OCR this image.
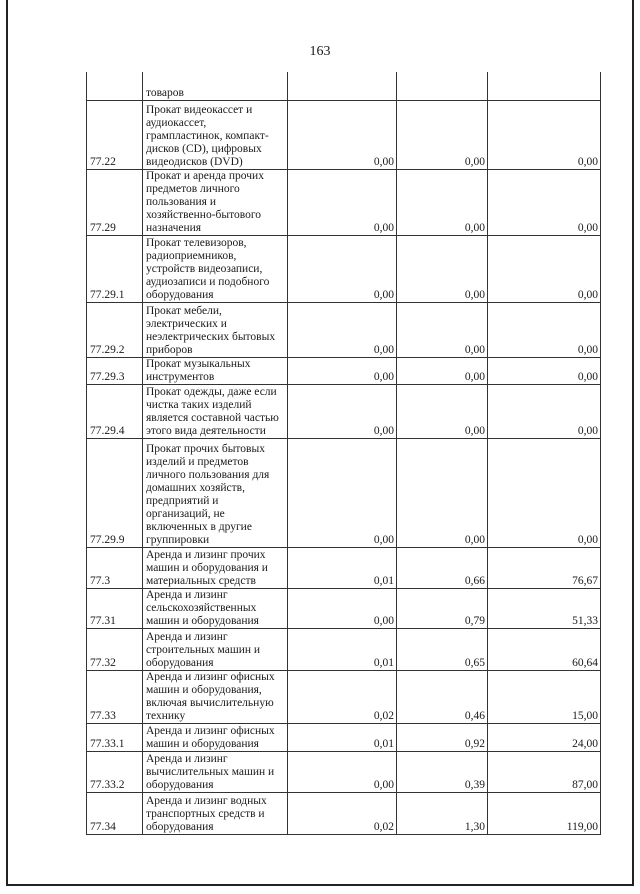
163
	товаров			
77.22	Прокат видеокассет и аудиокассет, грампластинок, компакт-дисков (CD), цифровых видеодисков (DVD)	0,00	0,00	0,00
77.29	Прокат и аренда прочих предметов личного пользования и хозяйственно-бытового назначения	0,00	0,00	0,00
77.29.1	Прокат телевизоров, радиоприемников, устройств видеозаписи, аудиозаписи и подобного оборудования	0,00	0,00	0,00
77.29.2	Прокат мебели, электрических и неэлектрических бытовых приборов	0,00	0,00	0,00
77.29.3	Прокат музыкальных инструментов	0,00	0,00	0,00
77.29.4	Прокат одежды, даже если чистка таких изделий является составной частью этого вида деятельности	0,00	0,00	0,00
77.29.9	Прокат прочих бытовых изделий и предметов личного пользования для домашних хозяйств, предприятий и организаций, не включенных в другие группировки	0,00	0,00	0,00
77.3	Аренда и лизинг прочих машин и оборудования и материальных средств	0,01	0,66	76,67
77.31	Аренда и лизинг сельскохозяйственных машин и оборудования	0,00	0,79	51,33
77.32	Аренда и лизинг строительных машин и оборудования	0,01	0,65	60,64
77.33	Аренда и лизинг офисных машин и оборудования, включая вычислительную технику	0,02	0,46	15,00
77.33.1	Аренда и лизинг офисных машин и оборудования	0,01	0,92	24,00
77.33.2	Аренда и лизинг вычислительных машин и оборудования	0,00	0,39	87,00
77.34	Аренда и лизинг водных транспортных средств и оборудования	0,02	1,30	119,00
